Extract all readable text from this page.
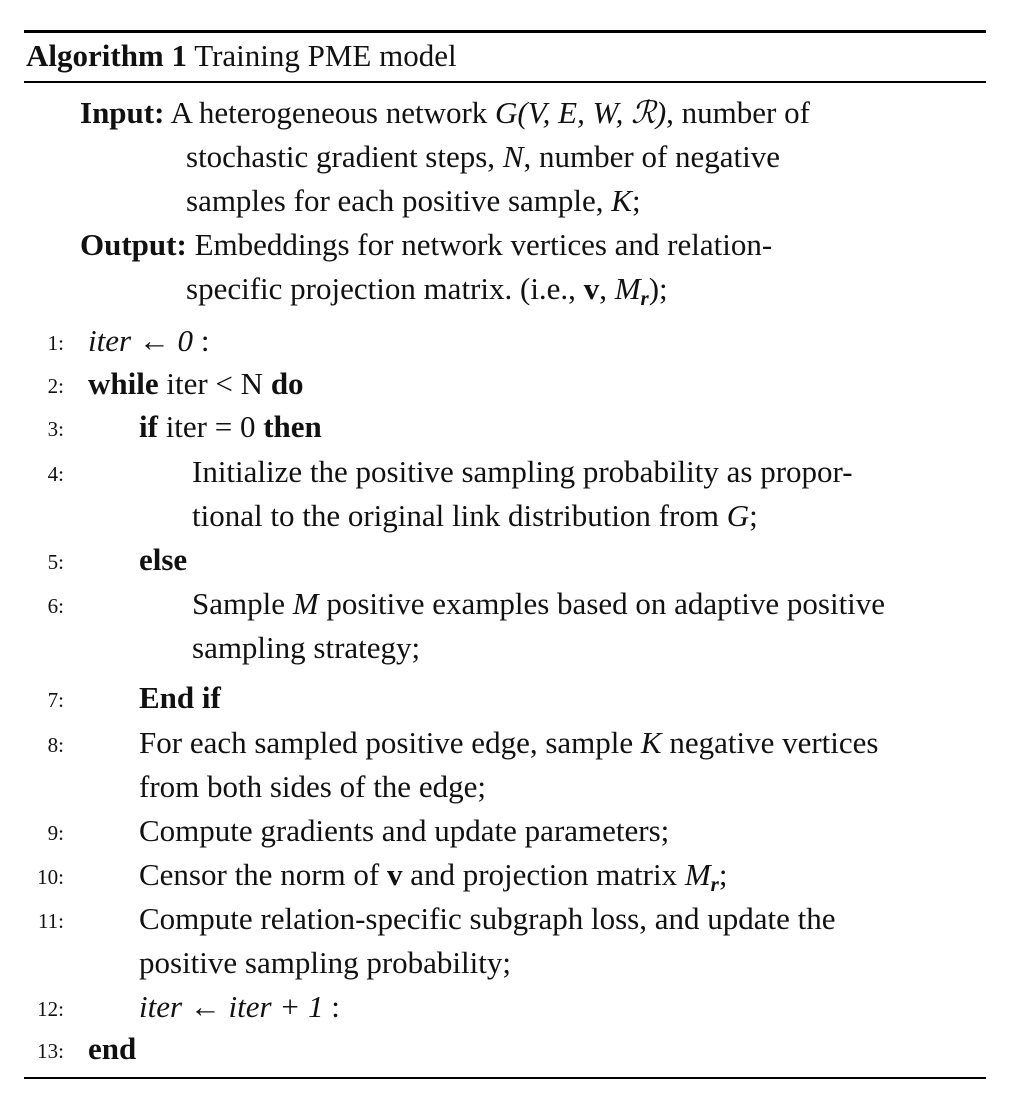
Algorithm 1 Training PME model
Input: A heterogeneous network G(V, E, W, ℛ), number of
stochastic gradient steps, N, number of negative
samples for each positive sample, K;
Output: Embeddings for network vertices and relation-
specific projection matrix. (i.e., v, $M_r$);
1:
2:
3:
4:
5:
6:
7:
8:
9:
10:
11:
12:
13:
iter ← 0 :
while iter < N do
if iter = 0 then
Initialize the positive sampling probability as propor-
tional to the original link distribution from G;
else
Sample M positive examples based on adaptive positive
sampling strategy;
End if
For each sampled positive edge, sample K negative vertices
from both sides of the edge;
Compute gradients and update parameters;
Censor the norm of v and projection matrix $M_r$;
Compute relation-specific subgraph loss, and update the
positive sampling probability;
iter ← iter + 1 :
end
